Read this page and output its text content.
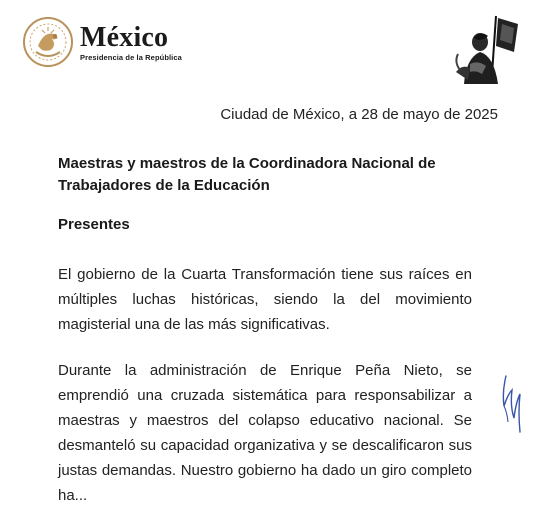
México
Presidencia de la República
Ciudad de México, a 28 de mayo de 2025
Maestras y maestros de la Coordinadora Nacional de Trabajadores de la Educación
Presentes

El gobierno de la Cuarta Transformación tiene sus raíces en múltiples luchas históricas, siendo la del movimiento magisterial una de las más significativas.

Durante la administración de Enrique Peña Nieto, se emprendió una cruzada sistemática para responsabilizar a maestras y maestros del colapso educativo nacional. Se desmanteló su capacidad organizativa y se descalificaron sus justas demandas. Nuestro gobierno ha dado un giro completo ha...
